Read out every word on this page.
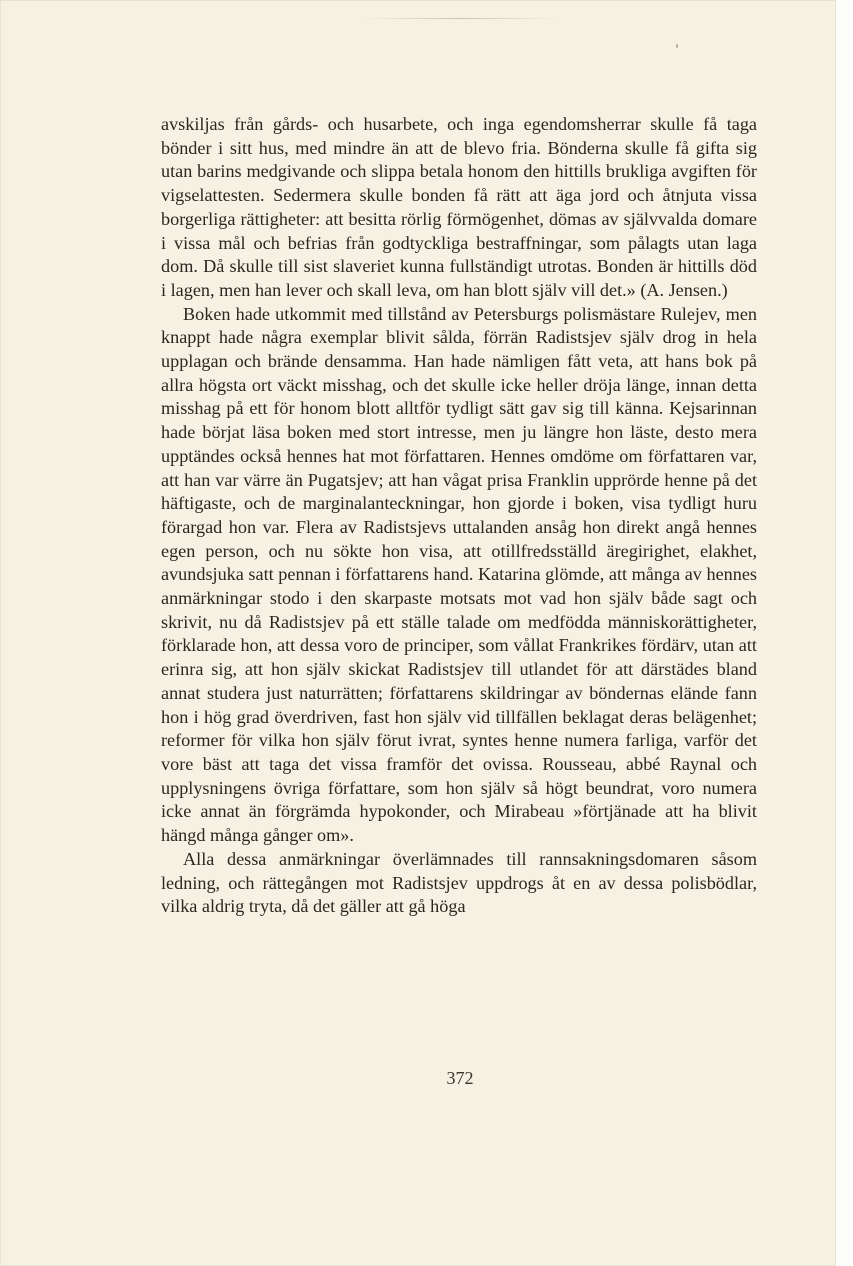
avskiljas från gårds- och husarbete, och inga egendomsherrar skulle få taga bönder i sitt hus, med mindre än att de blevo fria. Bönderna skulle få gifta sig utan barins medgivande och slippa betala honom den hittills brukliga avgiften för vigselattesten. Sedermera skulle bonden få rätt att äga jord och åtnjuta vissa borgerliga rättigheter: att besitta rörlig förmögenhet, dömas av självvalda domare i vissa mål och befrias från godtyckliga bestraffningar, som pålagts utan laga dom. Då skulle till sist slaveriet kunna fullständigt utrotas. Bonden är hittills död i lagen, men han lever och skall leva, om han blott själv vill det.» (A. Jensen.)

Boken hade utkommit med tillstånd av Petersburgs polismästare Rulejev, men knappt hade några exemplar blivit sålda, förrän Radistsjev själv drog in hela upplagan och brände densamma. Han hade nämligen fått veta, att hans bok på allra högsta ort väckt misshag, och det skulle icke heller dröja länge, innan detta misshag på ett för honom blott alltför tydligt sätt gav sig till känna. Kejsarinnan hade börjat läsa boken med stort intresse, men ju längre hon läste, desto mera upptändes också hennes hat mot författaren. Hennes omdöme om författaren var, att han var värre än Pugatsjev; att han vågat prisa Franklin upprörde henne på det häftigaste, och de marginalanteckningar, hon gjorde i boken, visa tydligt huru förargad hon var. Flera av Radistsjevs uttalanden ansåg hon direkt angå hennes egen person, och nu sökte hon visa, att otillfredsställd äregirighet, elakhet, avundsjuka satt pennan i författarens hand. Katarina glömde, att många av hennes anmärkningar stodo i den skarpaste motsats mot vad hon själv både sagt och skrivit, nu då Radistsjev på ett ställe talade om medfödda människorättigheter, förklarade hon, att dessa voro de principer, som vållat Frankrikes fördärv, utan att erinra sig, att hon själv skickat Radistsjev till utlandet för att därstädes bland annat studera just naturrätten; författarens skildringar av böndernas elände fann hon i hög grad överdriven, fast hon själv vid tillfällen beklagat deras belägenhet; reformer för vilka hon själv förut ivrat, syntes henne numera farliga, varför det vore bäst att taga det vissa framför det ovissa. Rousseau, abbé Raynal och upplysningens övriga författare, som hon själv så högt beundrat, voro numera icke annat än förgrämda hypokonder, och Mirabeau »förtjänade att ha blivit hängd många gånger om».

Alla dessa anmärkningar överlämnades till rannsakningsdomaren såsom ledning, och rättegången mot Radistsjev uppdrogs åt en av dessa polisbödlar, vilka aldrig tryta, då det gäller att gå höga

372
